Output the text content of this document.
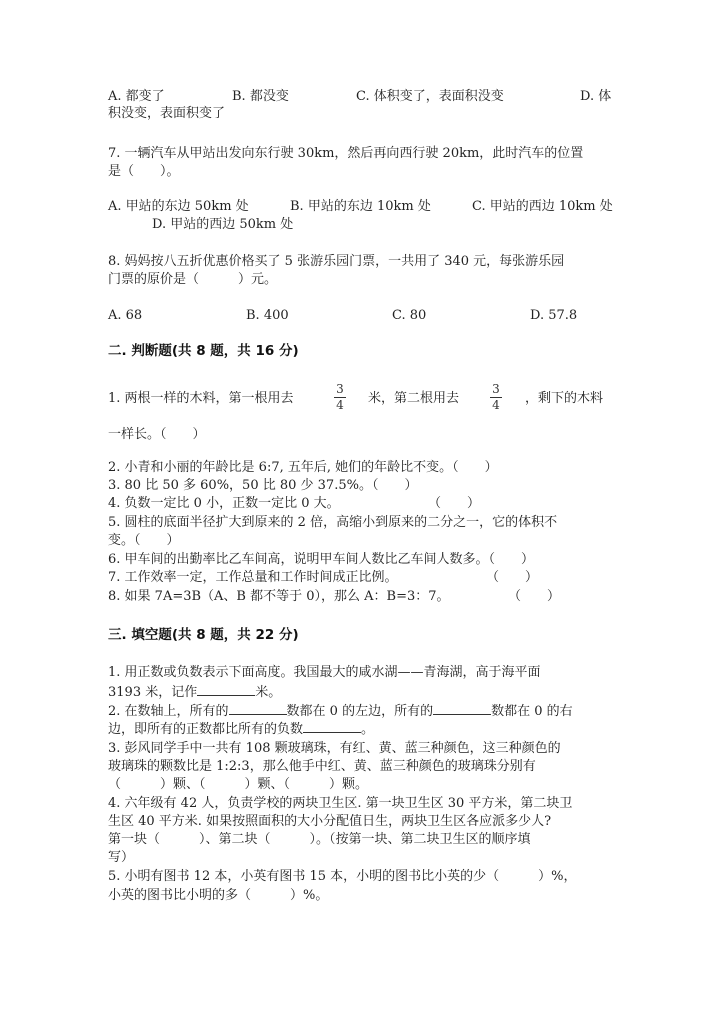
A. 都变了	B. 都没变	C. 体积变了，表面积没变	D. 体
积没变，表面积变了
7. 一辆汽车从甲站出发向东行驶 30km，然后再向西行驶 20km，此时汽车的位置
是（　　）。
A. 甲站的东边 50km 处	B. 甲站的东边 10km 处	C. 甲站的西边 10km 处
D. 甲站的西边 50km 处
8. 妈妈按八五折优惠价格买了 5 张游乐园门票，一共用了 340 元，每张游乐园
门票的原价是（　　　）元。
A. 68	B. 400	C. 80	D. 57.8
二. 判断题(共 8 题，共 16 分)
1. 两根一样的木料，第一根用去
3
4 米，第二根用去
3
4 ，剩下的木料
一样长。（　　）
2. 小青和小丽的年龄比是 6:7, 五年后, 她们的年龄比不变。（　　）
3. 80 比 50 多 60%，50 比 80 少 37.5%。（　　）
4. 负数一定比 0 小，正数一定比 0 大。	（　　）
5. 圆柱的底面半径扩大到原来的 2 倍，高缩小到原来的二分之一，它的体积不
变。（　　）
6. 甲车间的出勤率比乙车间高，说明甲车间人数比乙车间人数多。（　　）
7. 工作效率一定，工作总量和工作时间成正比例。	（　　）
8. 如果 7A=3B（A、B 都不等于 0），那么 A：B=3：7。	（　　）
三. 填空题(共 8 题，共 22 分)
1. 用正数或负数表示下面高度。我国最大的咸水湖——青海湖，高于海平面
3193 米，记作	米。
2. 在数轴上，所有的	数都在 0 的左边，所有的	数都在 0 的右
边，即所有的正数都比所有的负数	。
3. 彭风同学手中一共有 108 颗玻璃珠，有红、黄、蓝三种颜色，这三种颜色的
玻璃珠的颗数比是 1:2:3，那么他手中红、黄、蓝三种颜色的玻璃珠分别有
（　　　）颗、（　　　）颗、（　　　）颗。
4. 六年级有 42 人，负责学校的两块卫生区. 第一块卫生区 30 平方米，第二块卫
生区 40 平方米. 如果按照面积的大小分配值日生，两块卫生区各应派多少人?
第一块（　　　）、第二块（　　　）。（按第一块、第二块卫生区的顺序填
写）
5. 小明有图书 12 本，小英有图书 15 本，小明的图书比小英的少（　　　）%，
小英的图书比小明的多（　　　）%。
